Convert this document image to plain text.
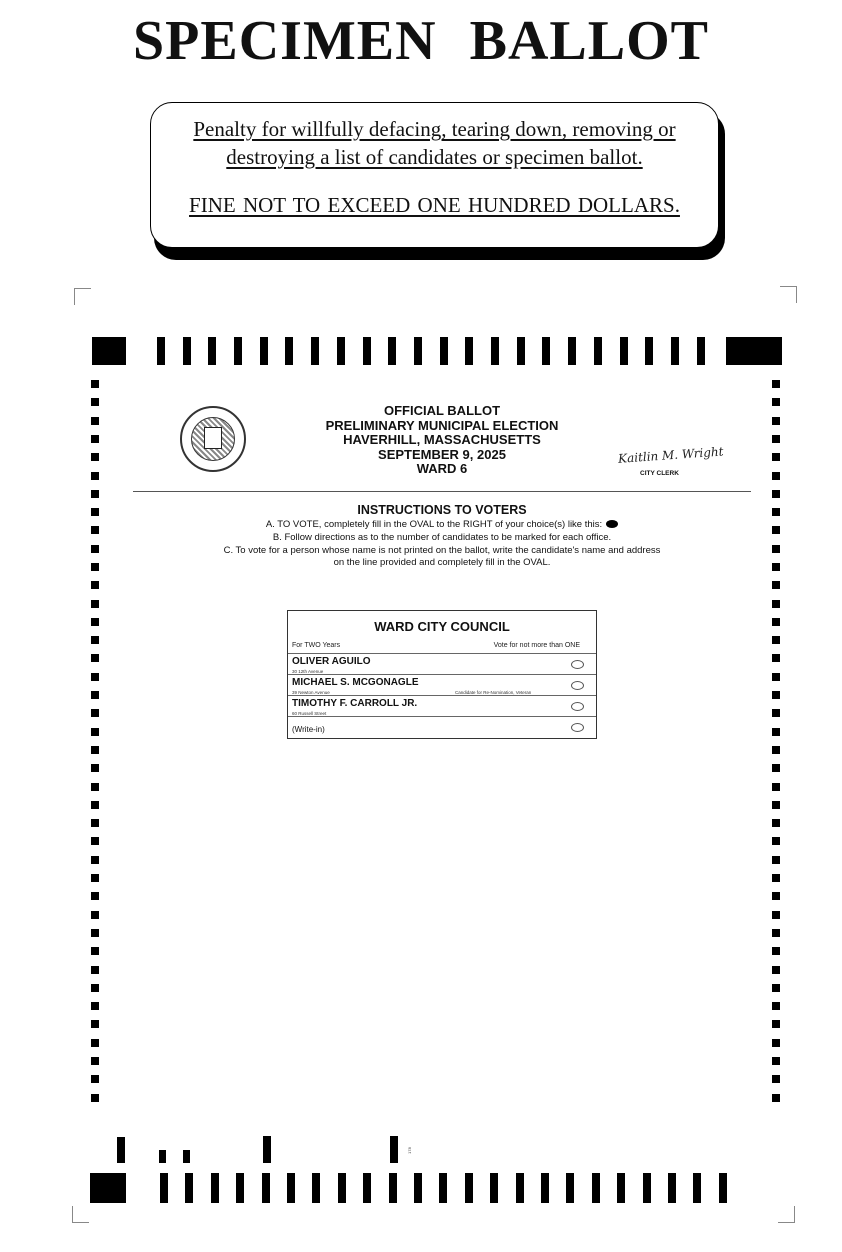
SPECIMEN BALLOT
Penalty for willfully defacing, tearing down, removing or destroying a list of candidates or specimen ballot.
FINE NOT TO EXCEED ONE HUNDRED DOLLARS.
OFFICIAL BALLOT
PRELIMINARY MUNICIPAL ELECTION
HAVERHILL, MASSACHUSETTS
SEPTEMBER 9, 2025
WARD 6
Kaitlin M. Wright
CITY CLERK
INSTRUCTIONS TO VOTERS
A. TO VOTE, completely fill in the OVAL to the RIGHT of your choice(s) like this:
B. Follow directions as to the number of candidates to be marked for each office.
C. To vote for a person whose name is not printed on the ballot, write the candidate's name and address
on the line provided and completely fill in the OVAL.
WARD CITY COUNCIL
For TWO Years	Vote for not more than ONE
OLIVER AGUILO
30 12th Avenue
MICHAEL S. MCGONAGLE
39 Newton Avenue	Candidate for Re-Nomination, Veteran
TIMOTHY F. CARROLL JR.
60 Russell Street
(Write-in)
178
